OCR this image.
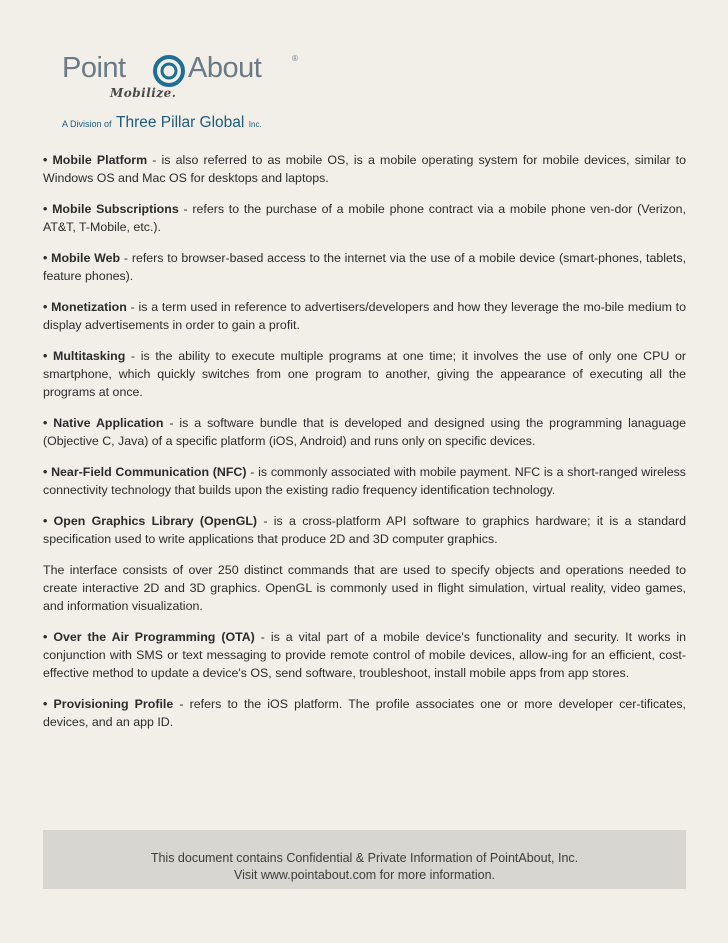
Point About	®
Mobilize.
A Division of Three Pillar Global Inc.

• Mobile Platform - is also referred to as mobile OS, is a mobile operating system for mobile devices, similar to Windows OS and Mac OS for desktops and laptops.

• Mobile Subscriptions - refers to the purchase of a mobile phone contract via a mobile phone ven-dor (Verizon, AT&T, T-Mobile, etc.).

• Mobile Web - refers to browser-based access to the internet via the use of a mobile device (smart-phones, tablets, feature phones).

• Monetization - is a term used in reference to advertisers/developers and how they leverage the mo-bile medium to display advertisements in order to gain a profit.

• Multitasking - is the ability to execute multiple programs at one time; it involves the use of only one CPU or smartphone, which quickly switches from one program to another, giving the appearance of executing all the programs at once.

• Native Application - is a software bundle that is developed and designed using the programming lanaguage (Objective C, Java) of a specific platform (iOS, Android) and runs only on specific devices.

• Near-Field Communication (NFC) - is commonly associated with mobile payment. NFC is a short-ranged wireless connectivity technology that builds upon the existing radio frequency identification technology.

• Open Graphics Library (OpenGL) - is a cross-platform API software to graphics hardware; it is a standard specification used to write applications that produce 2D and 3D computer graphics.

The interface consists of over 250 distinct commands that are used to specify objects and operations needed to create interactive 2D and 3D graphics. OpenGL is commonly used in flight simulation, virtual reality, video games, and information visualization.

• Over the Air Programming (OTA) - is a vital part of a mobile device's functionality and security. It works in conjunction with SMS or text messaging to provide remote control of mobile devices, allow-ing for an efficient, cost-effective method to update a device's OS, send software, troubleshoot, install mobile apps from app stores.

• Provisioning Profile - refers to the iOS platform. The profile associates one or more developer cer-tificates, devices, and an app ID.

This document contains Confidential & Private Information of PointAbout, Inc.
Visit www.pointabout.com for more information.
